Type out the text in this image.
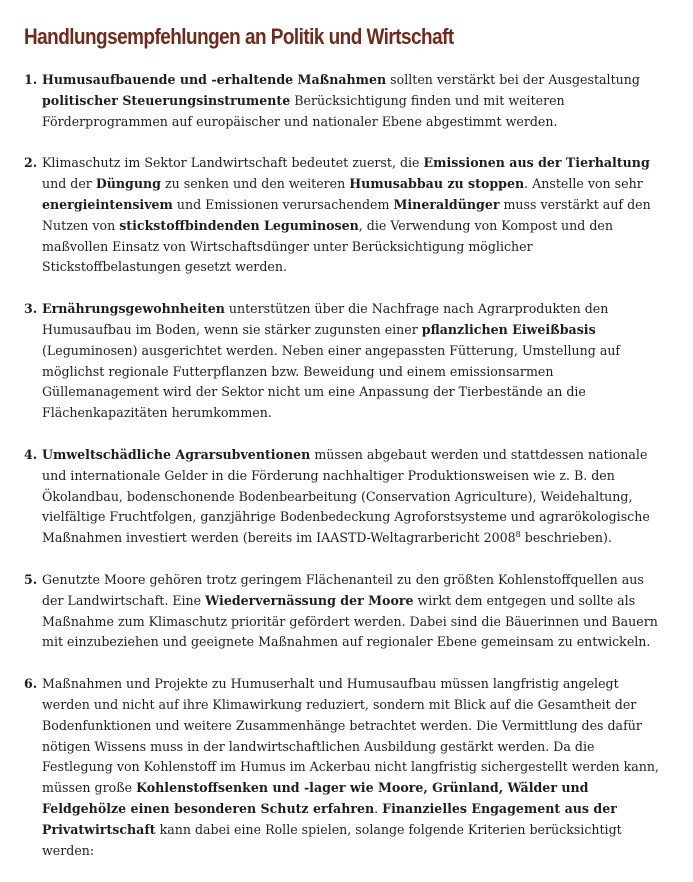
Handlungsempfehlungen an Politik und Wirtschaft
1. Humusaufbauende und -erhaltende Maßnahmen sollten verstärkt bei der Ausgestaltung politischer Steuerungsinstrumente Berücksichtigung finden und mit weiteren Förderprogrammen auf europäischer und nationaler Ebene abgestimmt werden.
2. Klimaschutz im Sektor Landwirtschaft bedeutet zuerst, die Emissionen aus der Tierhaltung und der Düngung zu senken und den weiteren Humusabbau zu stoppen. Anstelle von sehr energieintensivem und Emissionen verursachendem Mineraldünger muss verstärkt auf den Nutzen von stickstoffbindenden Leguminosen, die Verwendung von Kompost und den maßvollen Einsatz von Wirtschaftsdünger unter Berücksichtigung möglicher Stickstoffbelastungen gesetzt werden.
3. Ernährungsgewohnheiten unterstützen über die Nachfrage nach Agrarprodukten den Humusaufbau im Boden, wenn sie stärker zugunsten einer pflanzlichen Eiweißbasis (Leguminosen) ausgerichtet werden. Neben einer angepassten Fütterung, Umstellung auf möglichst regionale Futterpflanzen bzw. Beweidung und einem emissionsarmen Güllemanagement wird der Sektor nicht um eine Anpassung der Tierbestände an die Flächenkapazitäten herumkommen.
4. Umweltschädliche Agrarsubventionen müssen abgebaut werden und stattdessen nationale und internationale Gelder in die Förderung nachhaltiger Produktionsweisen wie z. B. den Ökolandbau, bodenschonende Bodenbearbeitung (Conservation Agriculture), Weidehaltung, vielfältige Fruchtfolgen, ganzjährige Bodenbedeckung Agroforstsysteme und agrarökologische Maßnahmen investiert werden (bereits im IAASTD-Weltagrarbericht 2008$^8$ beschrieben).
5. Genutzte Moore gehören trotz geringem Flächenanteil zu den größten Kohlenstoffquellen aus der Landwirtschaft. Eine Wiedervernässung der Moore wirkt dem entgegen und sollte als Maßnahme zum Klimaschutz prioritär gefördert werden. Dabei sind die Bäuerinnen und Bauern mit einzubeziehen und geeignete Maßnahmen auf regionaler Ebene gemeinsam zu entwickeln.
6. Maßnahmen und Projekte zu Humuserhalt und Humusaufbau müssen langfristig angelegt werden und nicht auf ihre Klimawirkung reduziert, sondern mit Blick auf die Gesamtheit der Bodenfunktionen und weitere Zusammenhänge betrachtet werden. Die Vermittlung des dafür nötigen Wissens muss in der landwirtschaftlichen Ausbildung gestärkt werden. Da die Festlegung von Kohlenstoff im Humus im Ackerbau nicht langfristig sichergestellt werden kann, müssen große Kohlenstoffsenken und -lager wie Moore, Grünland, Wälder und Feldgehölze einen besonderen Schutz erfahren. Finanzielles Engagement aus der Privatwirtschaft kann dabei eine Rolle spielen, solange folgende Kriterien berücksichtigt werden:
